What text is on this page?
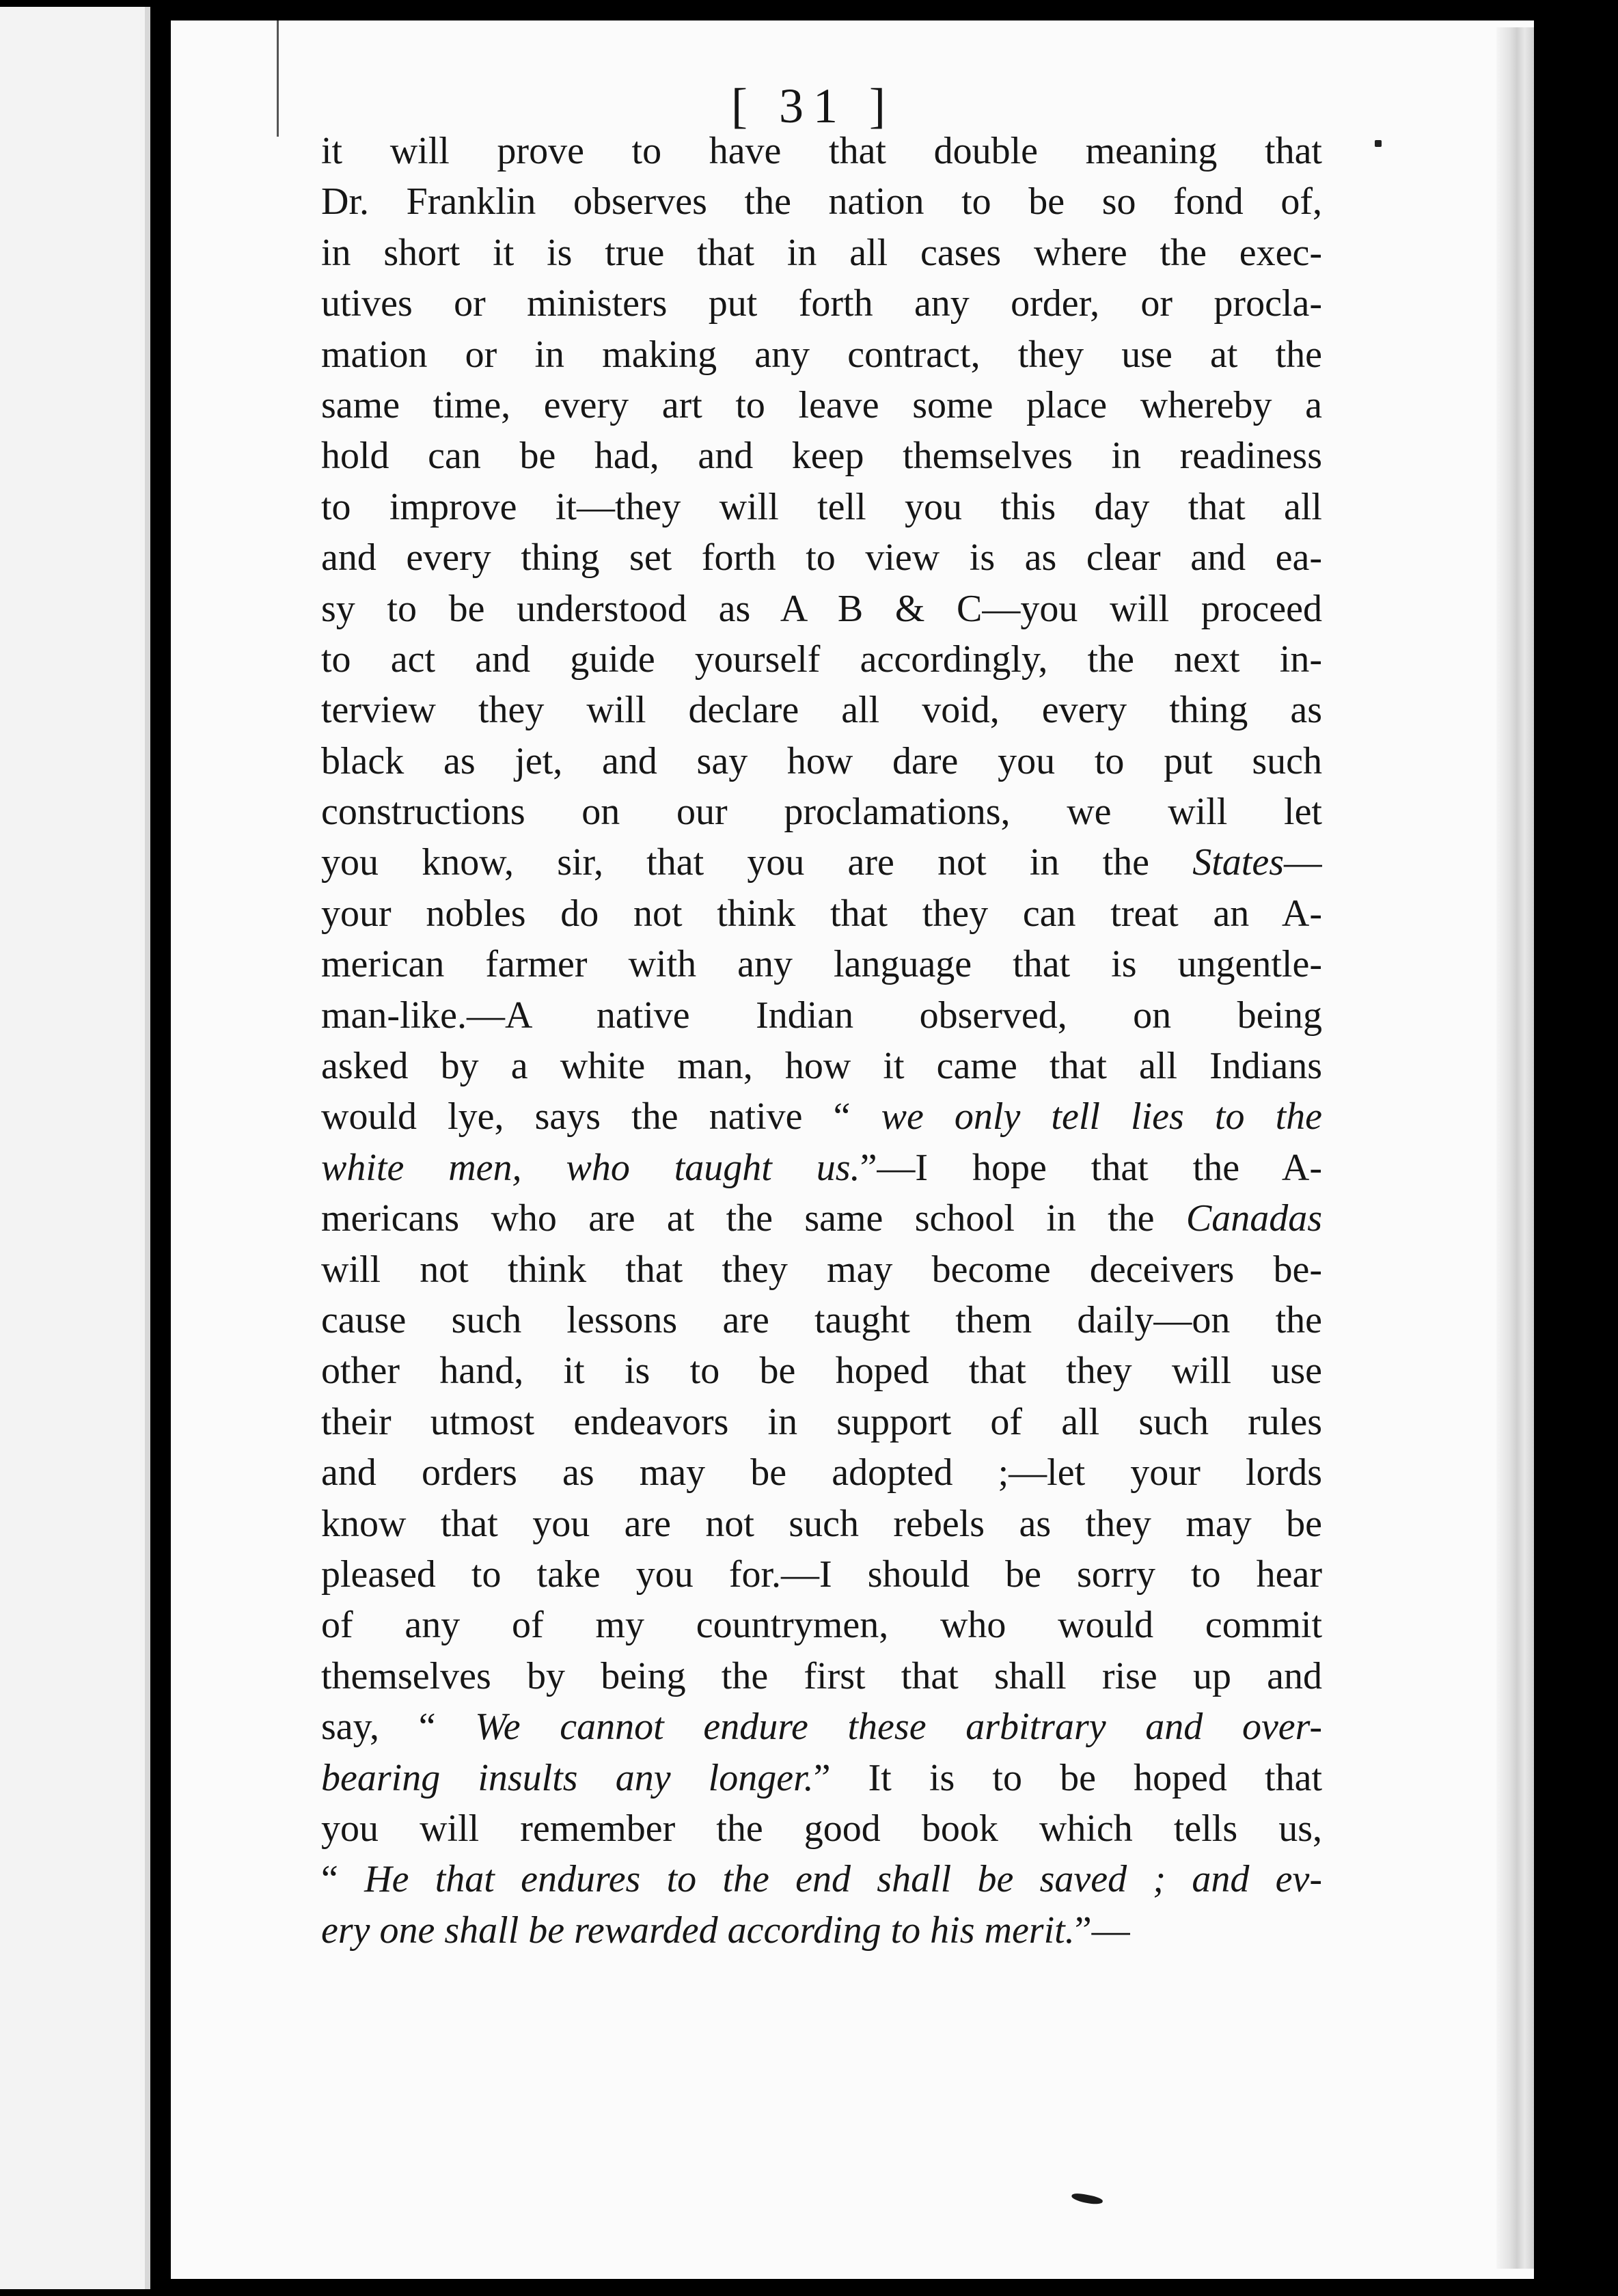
[ 31 ]
it will prove to have that double meaning that
Dr. Franklin observes the nation to be so fond of,
in short it is true that in all cases where the exec-
utives or ministers put forth any order, or procla-
mation or in making any contract, they use at the
same time, every art to leave some place whereby a
hold can be had, and keep themselves in readiness
to improve it—they will tell you this day that all
and every thing set forth to view is as clear and ea-
sy to be understood as A B & C—you will proceed
to act and guide yourself accordingly, the next in-
terview they will declare all void, every thing as
black as jet, and say how dare you to put such
constructions on our proclamations, we will let
you know, sir, that you are not in the States—
your nobles do not think that they can treat an A-
merican farmer with any language that is ungentle-
man-like.—A native Indian observed, on being
asked by a white man, how it came that all Indians
would lye, says the native “ we only tell lies to the
white men, who taught us.”—I hope that the A-
mericans who are at the same school in the Canadas
will not think that they may become deceivers be-
cause such lessons are taught them daily—on the
other hand, it is to be hoped that they will use
their utmost endeavors in support of all such rules
and orders as may be adopted ;—let your lords
know that you are not such rebels as they may be
pleased to take you for.—I should be sorry to hear
of any of my countrymen, who would commit
themselves by being the first that shall rise up and
say, “ We cannot endure these arbitrary and over-
bearing insults any longer.” It is to be hoped that
you will remember the good book which tells us,
“ He that endures to the end shall be saved ; and ev-
ery one shall be rewarded according to his merit.”—
